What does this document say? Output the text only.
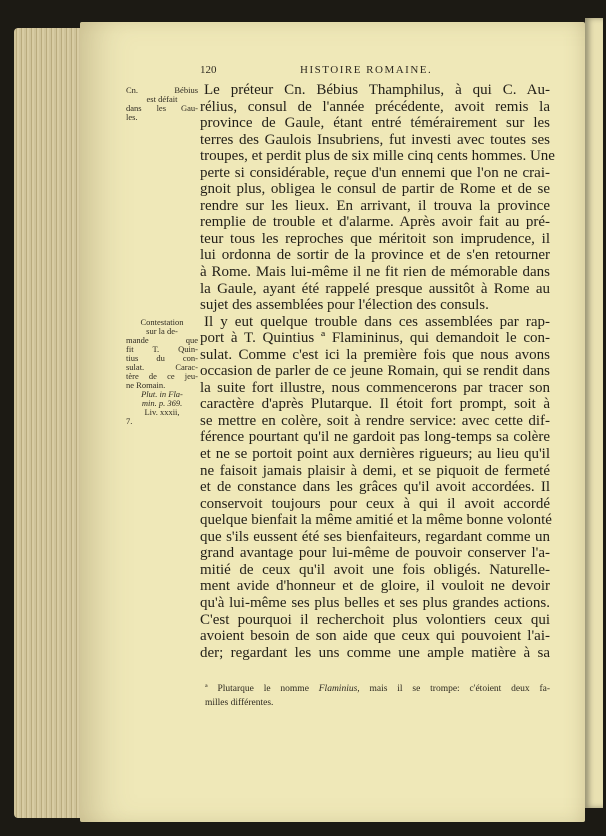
120	HISTOIRE ROMAINE.
Cn. Bébius
est défait
dans les Gau-
les.
Contestation
sur la de-
mande que
fit T. Quin-
tius du con-
sulat. Carac-
tère de ce jeu-
ne Romain.
Plut. in Fla-
min. p. 369.
Liv. xxxii,
7.
Le préteur Cn. Bébius Thamphilus, à qui C. Au-
rélius, consul de l'année précédente, avoit remis la
province de Gaule, étant entré témérairement sur les
terres des Gaulois Insubriens, fut investi avec toutes ses
troupes, et perdit plus de six mille cinq cents hommes. Une
perte si considérable, reçue d'un ennemi que l'on ne crai-
gnoit plus, obligea le consul de partir de Rome et de se
rendre sur les lieux. En arrivant, il trouva la province
remplie de trouble et d'alarme. Après avoir fait au pré-
teur tous les reproches que méritoit son imprudence, il
lui ordonna de sortir de la province et de s'en retourner
à Rome. Mais lui-même il ne fit rien de mémorable dans
la Gaule, ayant été rappelé presque aussitôt à Rome au
sujet des assemblées pour l'élection des consuls.
Il y eut quelque trouble dans ces assemblées par rap-
port à T. Quintius ª Flamininus, qui demandoit le con-
sulat. Comme c'est ici la première fois que nous avons
occasion de parler de ce jeune Romain, qui se rendit dans
la suite fort illustre, nous commencerons par tracer son
caractère d'après Plutarque. Il étoit fort prompt, soit à
se mettre en colère, soit à rendre service: avec cette dif-
férence pourtant qu'il ne gardoit pas long-temps sa colère
et ne se portoit point aux dernières rigueurs; au lieu qu'il
ne faisoit jamais plaisir à demi, et se piquoit de fermeté
et de constance dans les grâces qu'il avoit accordées. Il
conservoit toujours pour ceux à qui il avoit accordé
quelque bienfait la même amitié et la même bonne volonté
que s'ils eussent été ses bienfaiteurs, regardant comme un
grand avantage pour lui-même de pouvoir conserver l'a-
mitié de ceux qu'il avoit une fois obligés. Naturelle-
ment avide d'honneur et de gloire, il vouloit ne devoir
qu'à lui-même ses plus belles et ses plus grandes actions.
C'est pourquoi il recherchoit plus volontiers ceux qui
avoient besoin de son aide que ceux qui pouvoient l'ai-
der; regardant les uns comme une ample matière à sa
ª Plutarque le nomme Flaminius, mais il se trompe: c'étoient deux fa-
milles différentes.
